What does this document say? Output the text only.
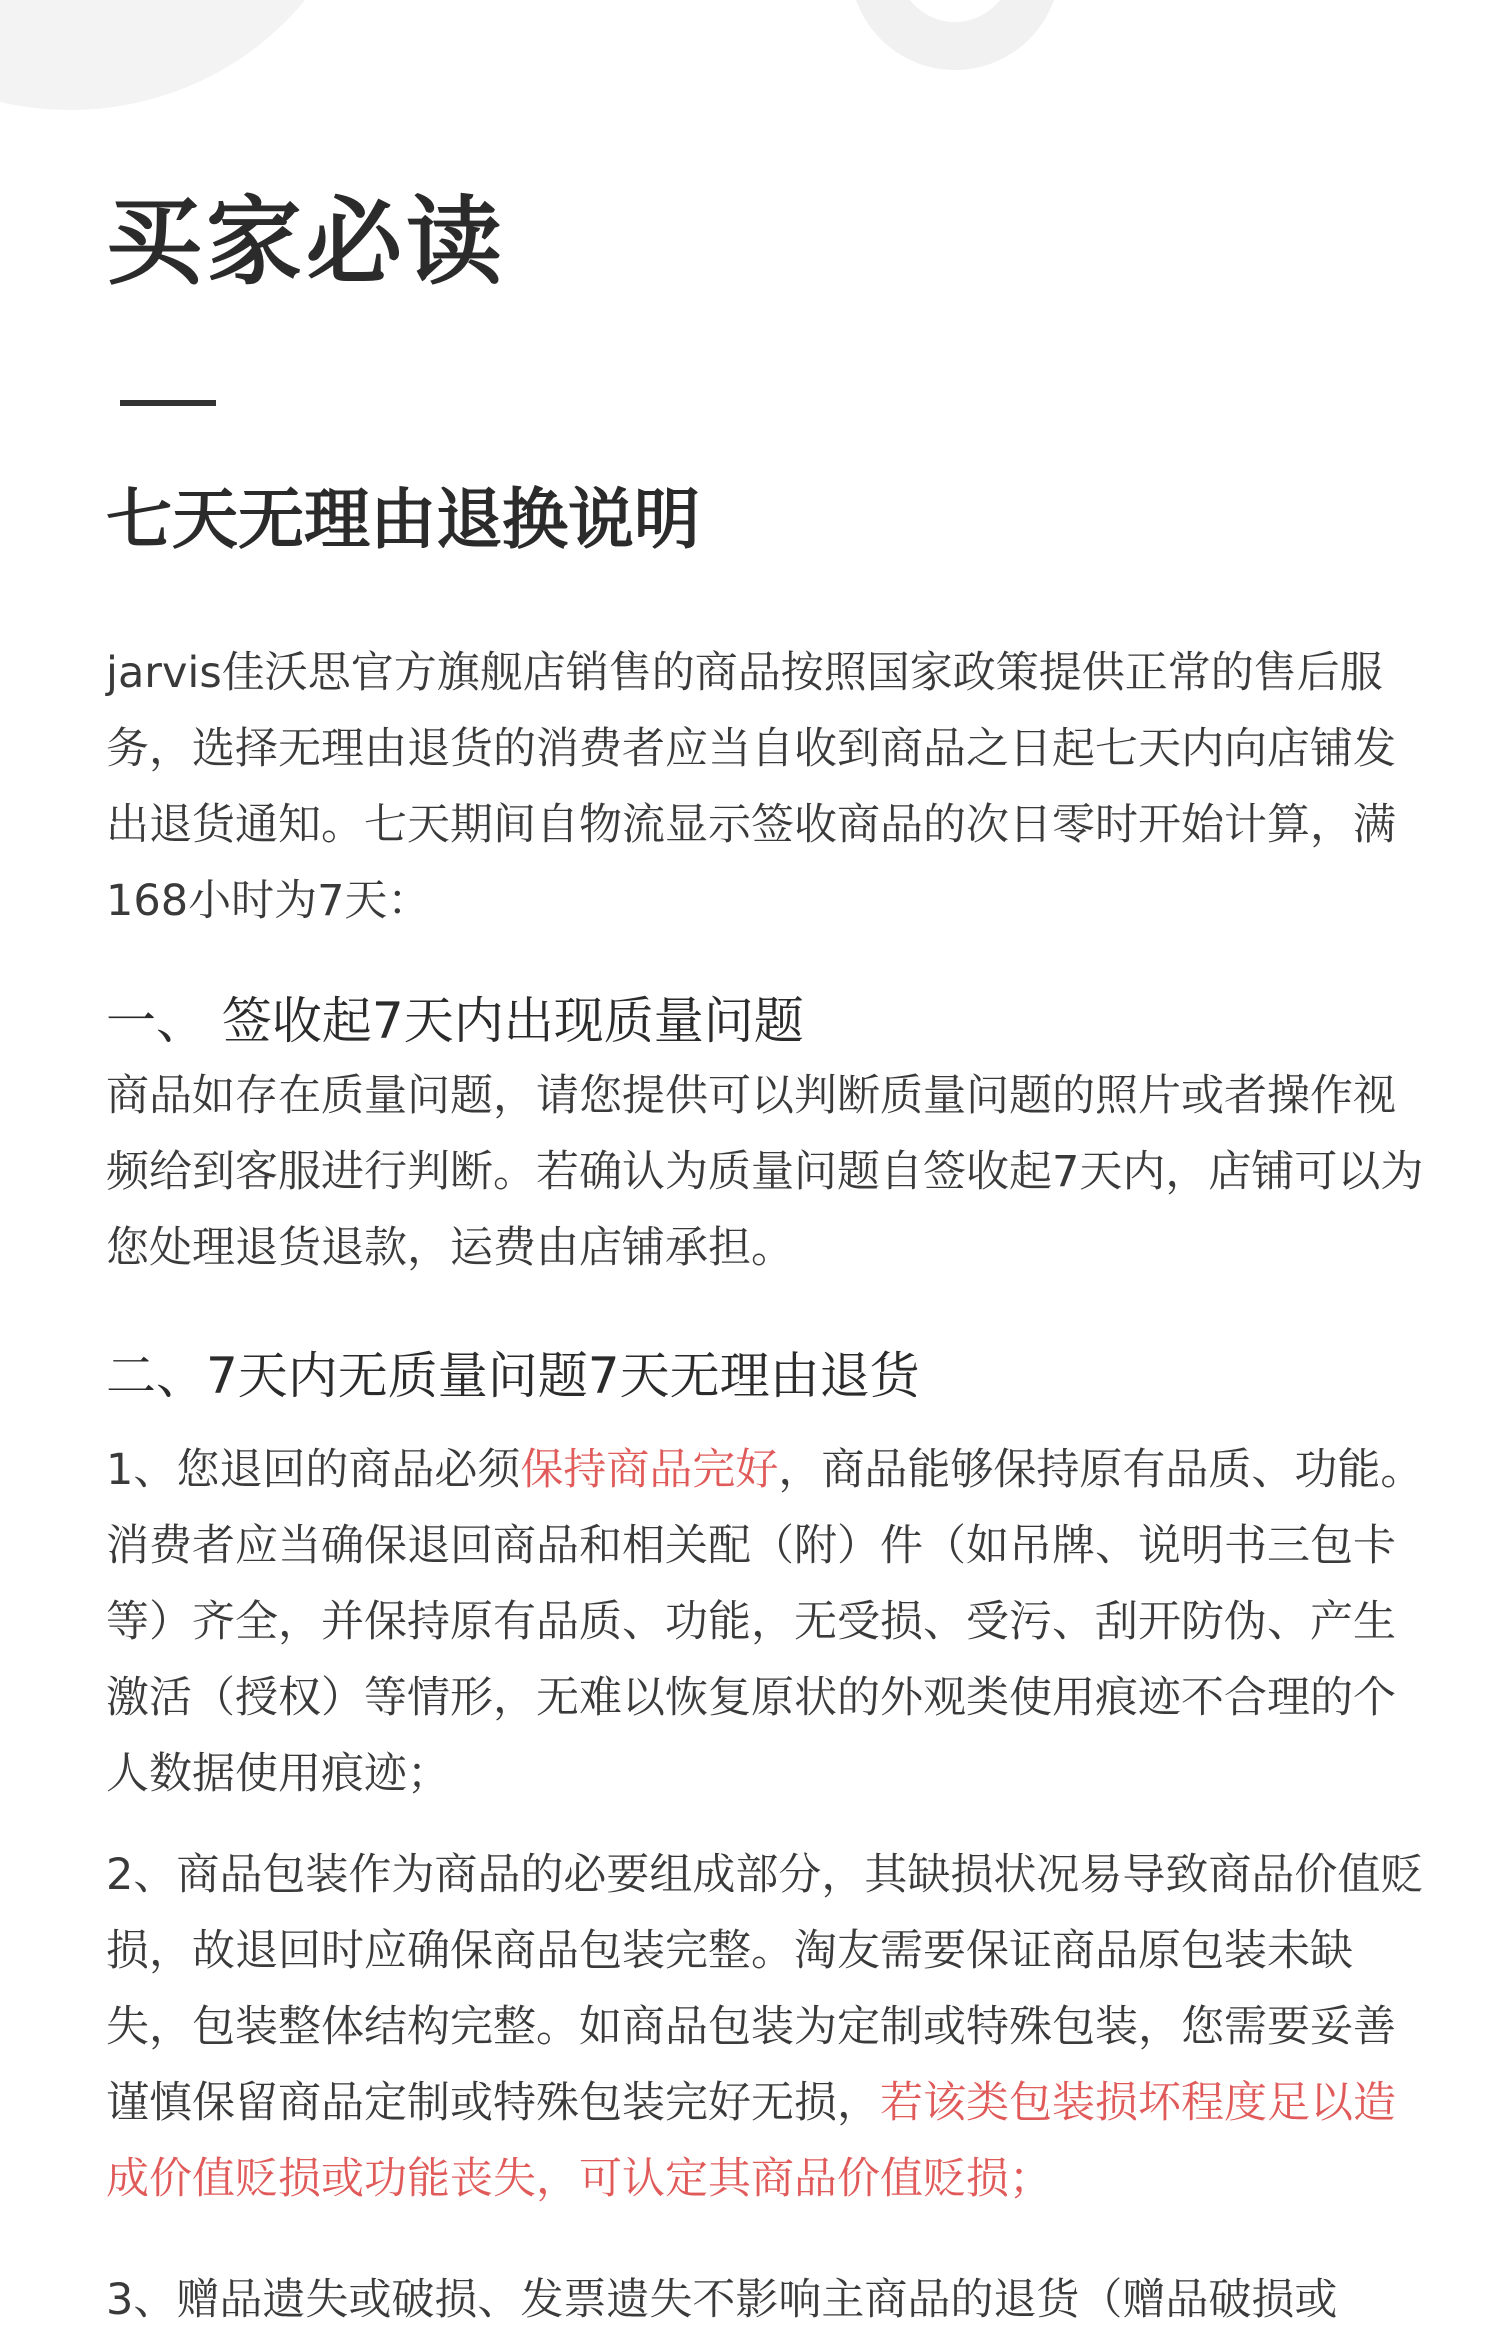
买家必读
七天无理由退换说明

jarvis佳沃思官方旗舰店销售的商品按照国家政策提供正常的售后服务，选择无理由退货的消费者应当自收到商品之日起七天内向店铺发出退货通知。七天期间自物流显示签收商品的次日零时开始计算，满168小时为7天：

一、 签收起7天内出现质量问题

商品如存在质量问题，请您提供可以判断质量问题的照片或者操作视频给到客服进行判断。若确认为质量问题自签收起7天内，店铺可以为您处理退货退款，运费由店铺承担。

二、7天内无质量问题7天无理由退货

1、您退回的商品必须保持商品完好，商品能够保持原有品质、功能。消费者应当确保退回商品和相关配（附）件（如吊牌、说明书三包卡等）齐全，并保持原有品质、功能，无受损、受污、刮开防伪、产生激活（授权）等情形，无难以恢复原状的外观类使用痕迹不合理的个人数据使用痕迹；

2、商品包装作为商品的必要组成部分，其缺损状况易导致商品价值贬损，故退回时应确保商品包装完整。淘友需要保证商品原包装未缺失，包装整体结构完整。如商品包装为定制或特殊包装，您需要妥善谨慎保留商品定制或特殊包装完好无损，若该类包装损坏程度足以造成价值贬损或功能丧失，可认定其商品价值贬损；

3、赠品遗失或破损、发票遗失不影响主商品的退货（赠品破损或
